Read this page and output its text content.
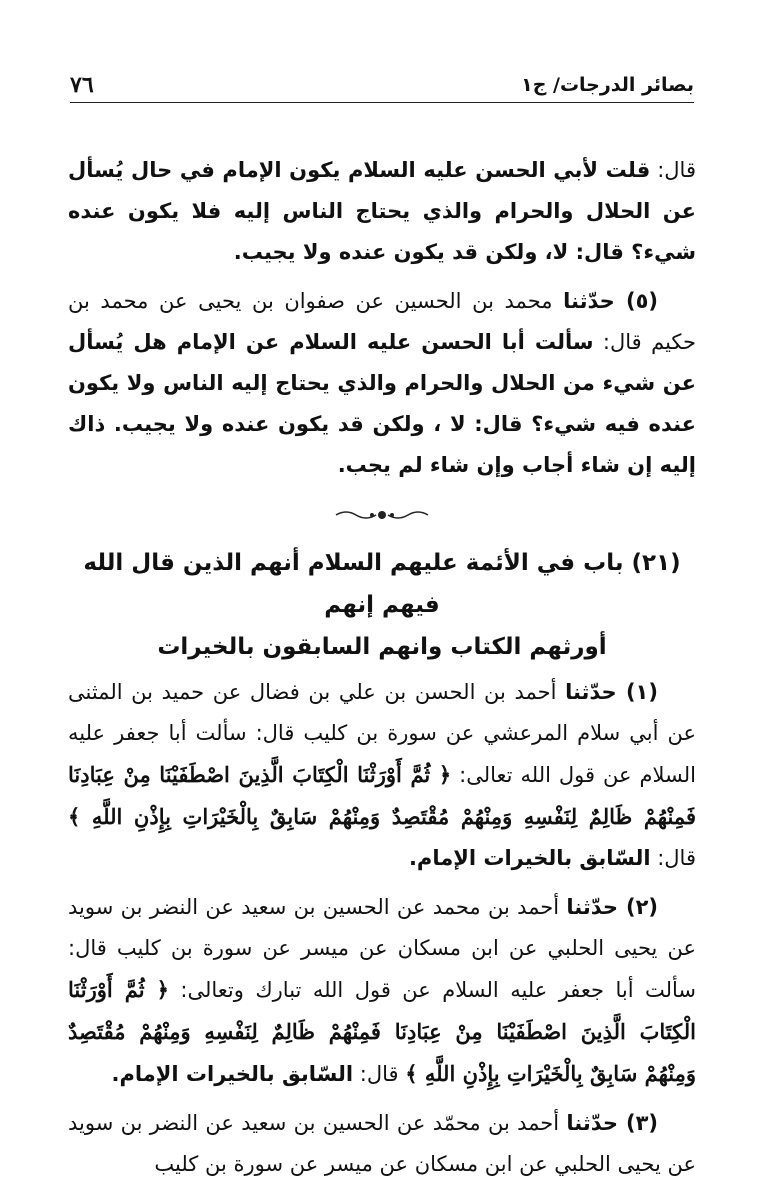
٧٦	بصائر الدرجات/ ج١

قال: قلت لأبي الحسن عليه السلام يكون الإمام في حال يُسأل عن الحلال والحرام والذي يحتاج الناس إليه فلا يكون عنده شيء؟ قال: لا، ولكن قد يكون عنده ولا يجيب.

(٥) حدّثنا محمد بن الحسين عن صفوان بن يحيى عن محمد بن حكيم قال: سألت أبا الحسن عليه السلام عن الإمام هل يُسأل عن شيء من الحلال والحرام والذي يحتاج إليه الناس ولا يكون عنده فيه شيء؟ قال: لا ، ولكن قد يكون عنده ولا يجيب. ذاك إليه إن شاء أجاب وإن شاء لم يجب.

(٢١) باب في الأئمة عليهم السلام أنهم الذين قال الله فيهم إنهم
أورثهم الكتاب وانهم السابقون بالخيرات

(١) حدّثنا أحمد بن الحسن بن علي بن فضال عن حميد بن المثنى عن أبي سلام المرعشي عن سورة بن كليب قال: سألت أبا جعفر عليه السلام عن قول الله تعالى: ﴿ ثُمَّ أَوْرَثْنَا الْكِتَابَ الَّذِينَ اصْطَفَيْنَا مِنْ عِبَادِنَا فَمِنْهُمْ ظَالِمٌ لِنَفْسِهِ وَمِنْهُمْ مُقْتَصِدٌ وَمِنْهُمْ سَابِقٌ بِالْخَيْرَاتِ بِإِذْنِ اللَّهِ ﴾ قال: السّابق بالخيرات الإمام.

(٢) حدّثنا أحمد بن محمد عن الحسين بن سعيد عن النضر بن سويد عن يحيى الحلبي عن ابن مسكان عن ميسر عن سورة بن كليب قال: سألت أبا جعفر عليه السلام عن قول الله تبارك وتعالى: ﴿ ثُمَّ أَوْرَثْنَا الْكِتَابَ الَّذِينَ اصْطَفَيْنَا مِنْ عِبَادِنَا فَمِنْهُمْ ظَالِمٌ لِنَفْسِهِ وَمِنْهُمْ مُقْتَصِدٌ وَمِنْهُمْ سَابِقٌ بِالْخَيْرَاتِ بِإِذْنِ اللَّهِ ﴾ قال: السّابق بالخيرات الإمام.

(٣) حدّثنا أحمد بن محمّد عن الحسين بن سعيد عن النضر بن سويد عن يحيى الحلبي عن ابن مسكان عن ميسر عن سورة بن كليب
